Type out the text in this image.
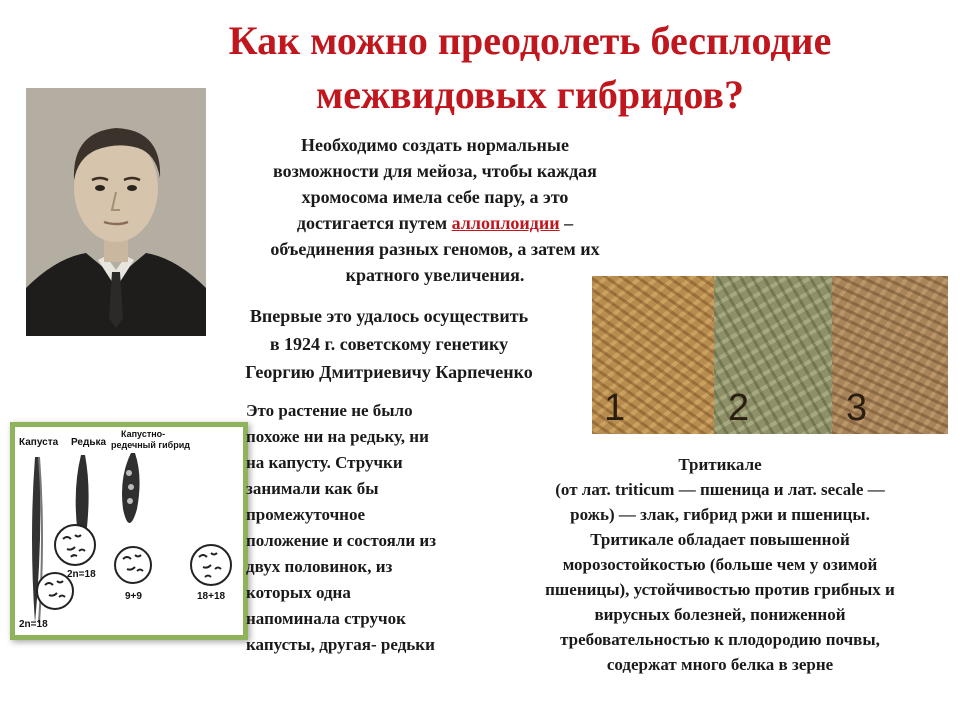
Как можно преодолеть бесплодие
межвидовых гибридов?
Необходимо создать нормальные
возможности для мейоза, чтобы каждая
хромосома имела себе пару, а это
достигается путем аллоплоидии –
объединения разных геномов, а затем их
кратного увеличения.
Впервые это удалось осуществить
в 1924 г. советскому генетику
Георгию Дмитриевичу Карпеченко
1	2	3
Капуста Редька
Капустно-
редечный гибрид
2n=18
2n=18
9+9	18+18
Это растение не было
похоже ни на редьку, ни
на капусту. Стручки
занимали как бы
промежуточное
положение и состояли из
двух половинок, из
которых одна
напоминала стручок
капусты, другая- редьки
Тритикале
(от лат. triticum — пшеница и лат. secale —
рожь) — злак, гибрид ржи и пшеницы.
Тритикале обладает повышенной
морозостойкостью (больше чем у озимой
пшеницы), устойчивостью против грибных и
вирусных болезней, пониженной
требовательностью к плодородию почвы,
содержат много белка в зерне
